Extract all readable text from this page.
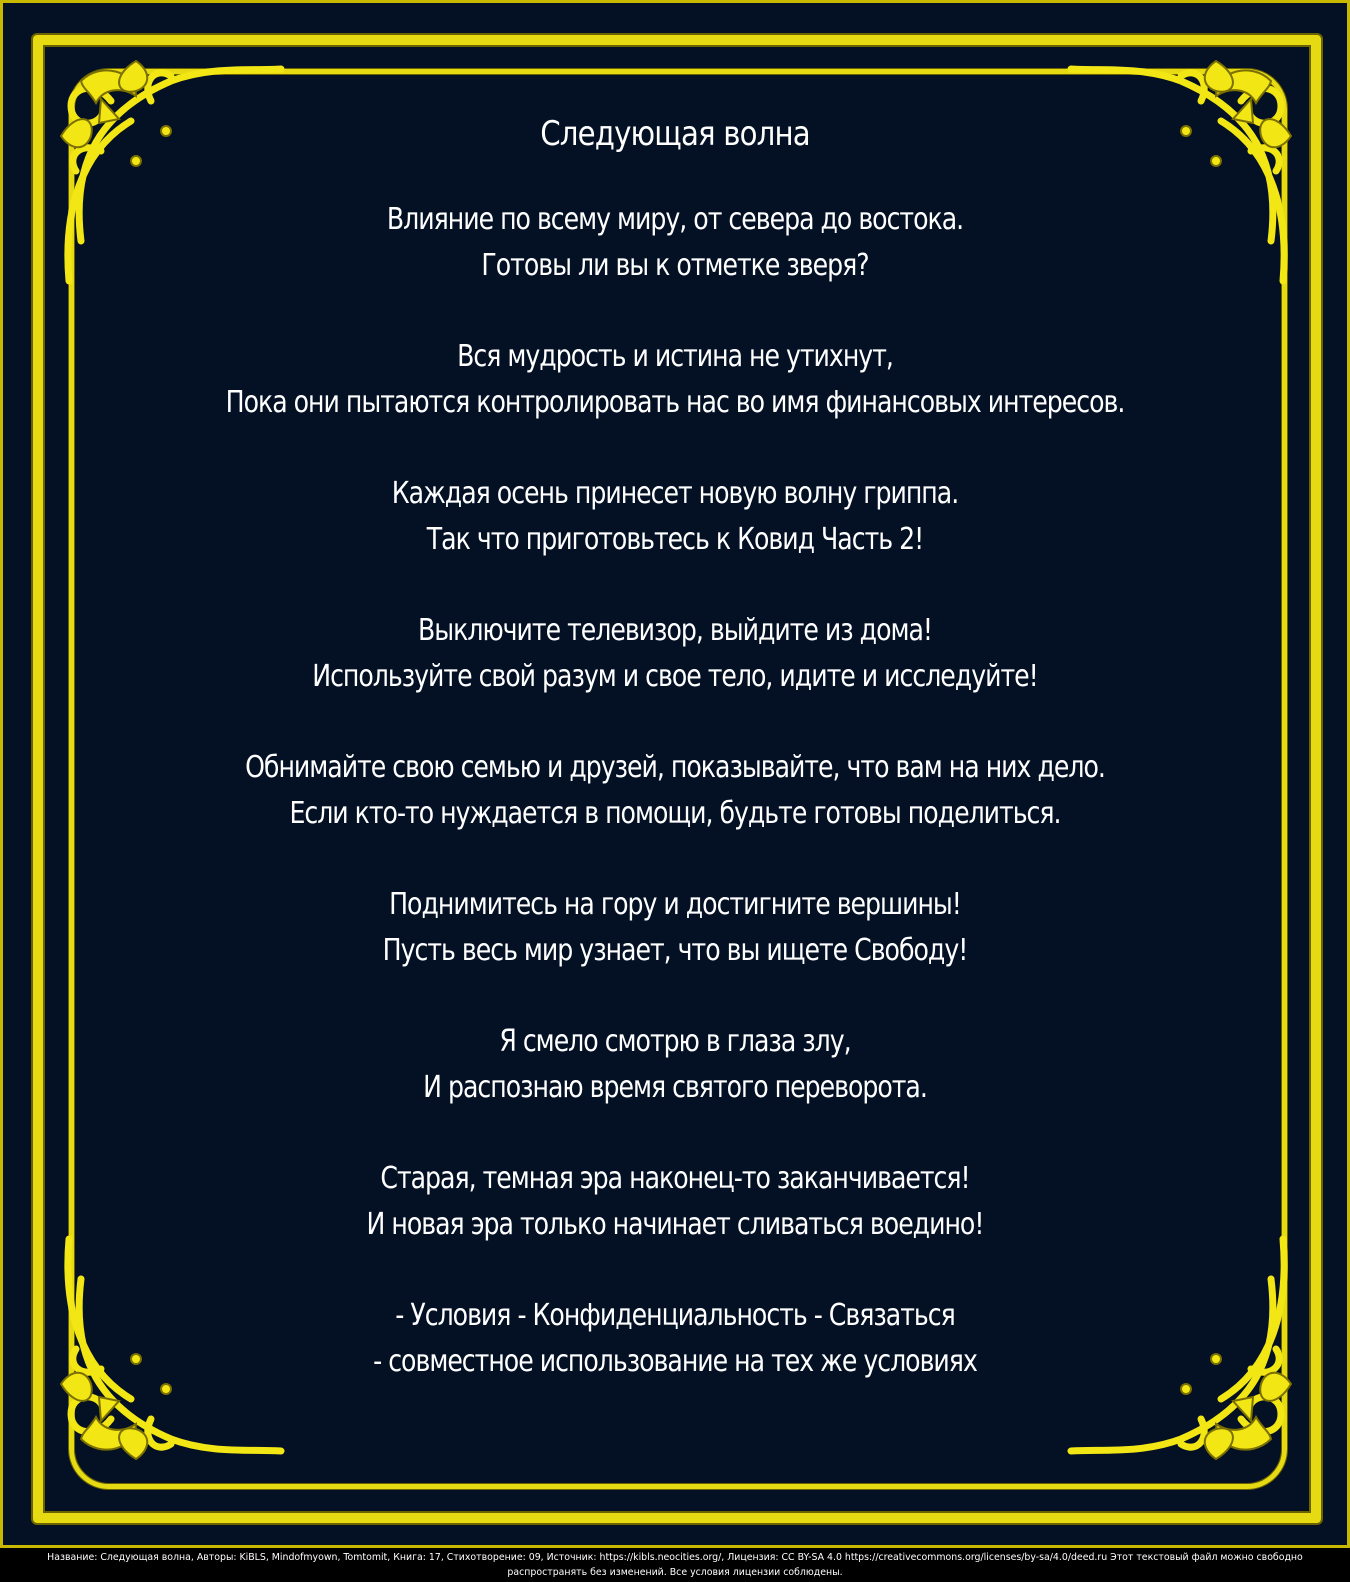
Следующая волна
Влияние по всему миру, от севера до востока.
Готовы ли вы к отметке зверя?
Вся мудрость и истина не утихнут,
Пока они пытаются контролировать нас во имя финансовых интересов.
Каждая осень принесет новую волну гриппа.
Так что приготовьтесь к Ковид Часть 2!
Выключите телевизор, выйдите из дома!
Используйте свой разум и свое тело, идите и исследуйте!
Обнимайте свою семью и друзей, показывайте, что вам на них дело.
Если кто-то нуждается в помощи, будьте готовы поделиться.
Поднимитесь на гору и достигните вершины!
Пусть весь мир узнает, что вы ищете Свободу!
Я смело смотрю в глаза злу,
И распознаю время святого переворота.
Старая, темная эра наконец-то заканчивается!
И новая эра только начинает сливаться воедино!
- Условия - Конфиденциальность - Связаться
- совместное использование на тех же условиях
Название: Следующая волна, Авторы: KiBLS, Mindofmyown, Tomtomit, Книга: 17, Стихотворение: 09, Источник: https://kibls.neocities.org/, Лицензия: CC BY-SA 4.0 https://creativecommons.org/licenses/by-sa/4.0/deed.ru Этот текстовый файл можно свободно
распространять без изменений. Все условия лицензии соблюдены.
